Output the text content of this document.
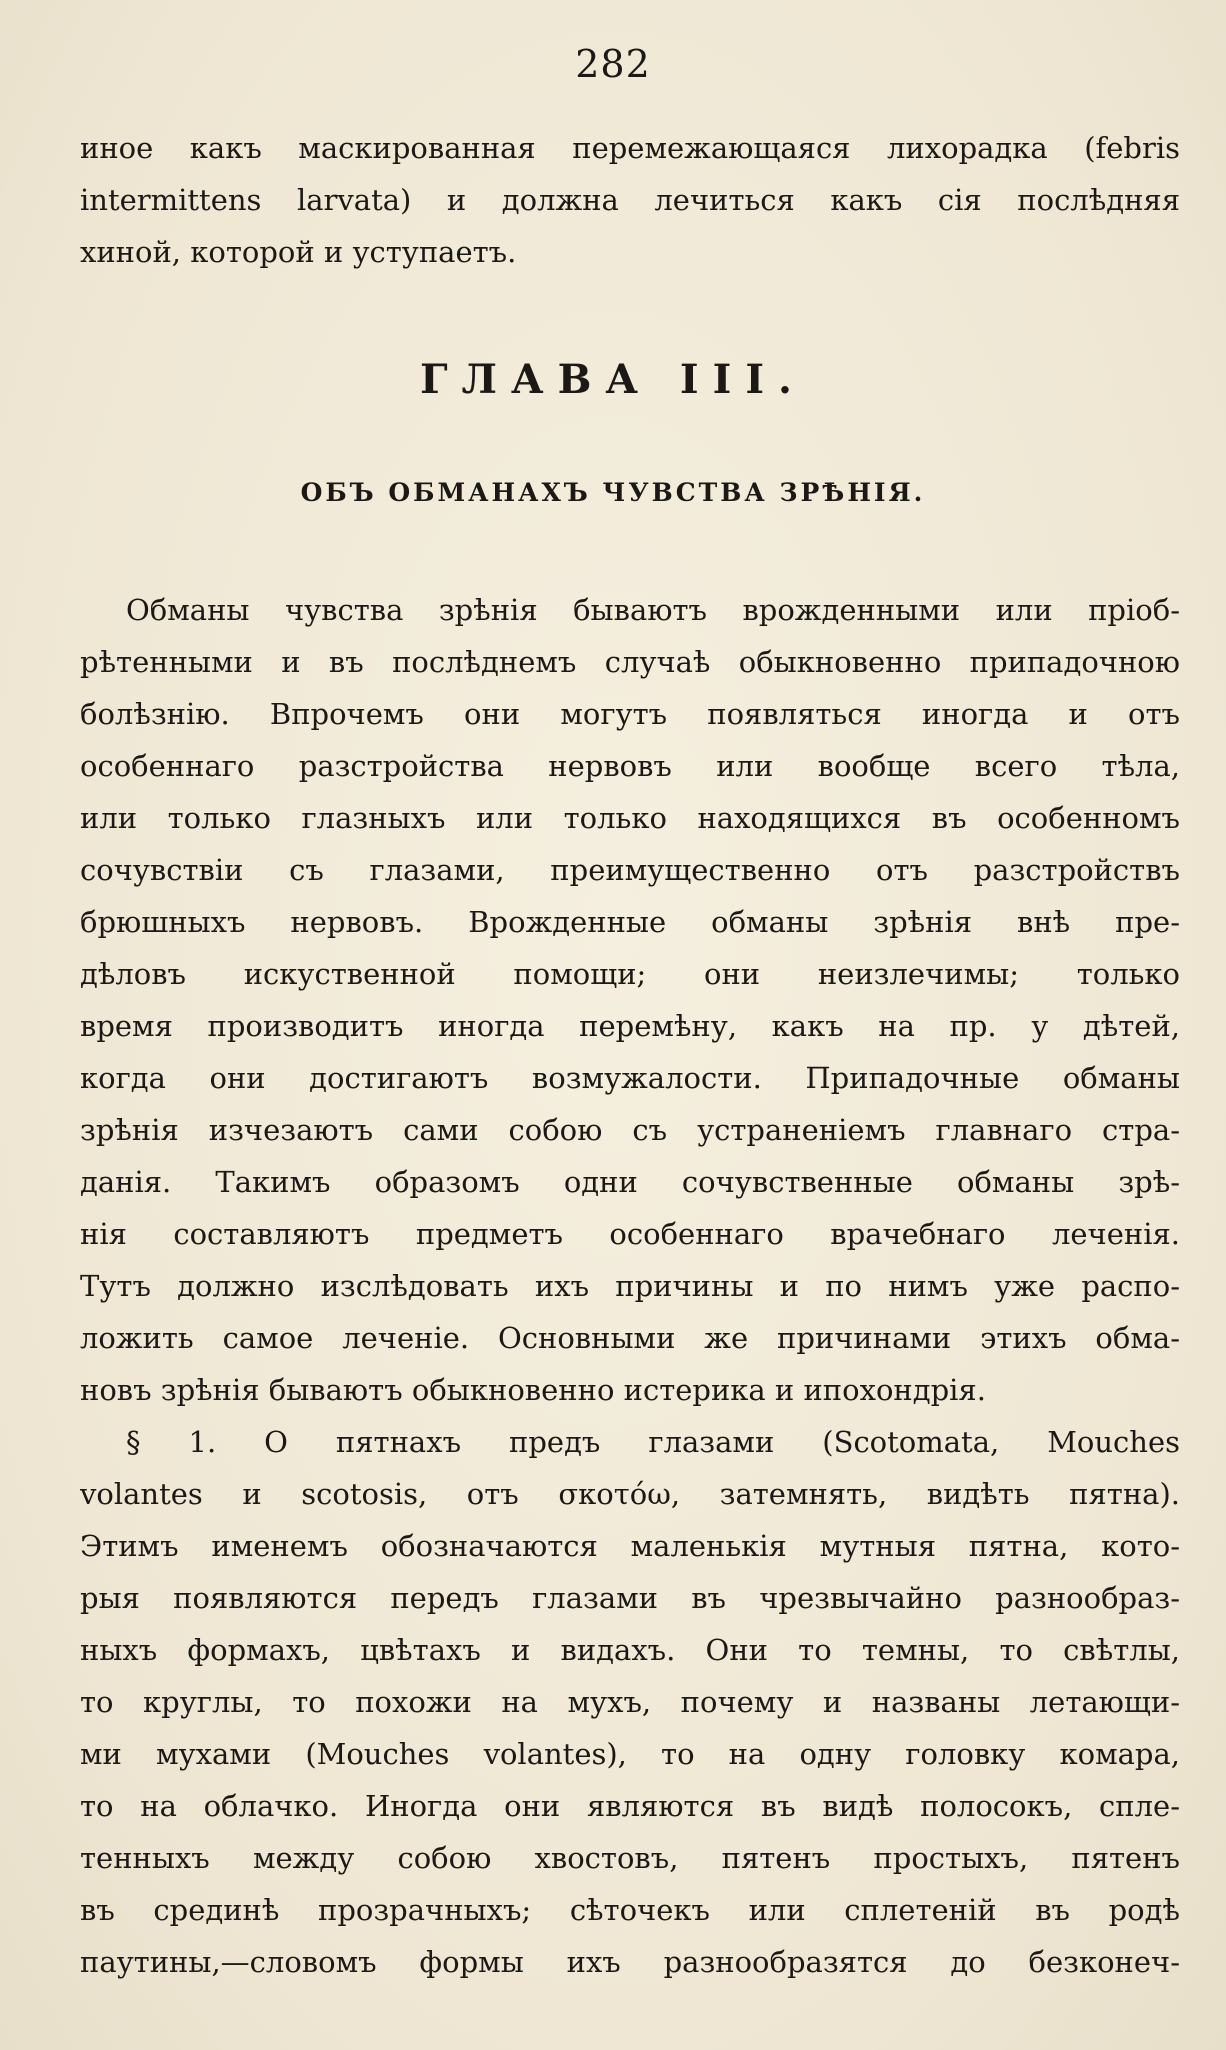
282
иное какъ маскированная перемежающаяся лихорадка (febris
intermittens larvata) и должна лечиться какъ сія послѣдняя
хиной, которой и уступаетъ.
ГЛАВА III.
ОБЪ ОБМАНАХЪ ЧУВСТВА ЗРѢНІЯ.
Обманы чувства зрѣнія бываютъ врожденными или пріоб-
рѣтенными и въ послѣднемъ случаѣ обыкновенно припадочною
болѣзнію. Впрочемъ они могутъ появляться иногда и отъ
особеннаго разстройства нервовъ или вообще всего тѣла,
или только глазныхъ или только находящихся въ особенномъ
сочувствіи съ глазами, преимущественно отъ разстройствъ
брюшныхъ нервовъ. Врожденные обманы зрѣнія внѣ пре-
дѣловъ искуственной помощи; они неизлечимы; только
время производитъ иногда перемѣну, какъ на пр. у дѣтей,
когда они достигаютъ возмужалости. Припадочные обманы
зрѣнія изчезаютъ сами собою съ устраненіемъ главнаго стра-
данія. Такимъ образомъ одни сочувственные обманы зрѣ-
нія составляютъ предметъ особеннаго врачебнаго леченія.
Тутъ должно изслѣдовать ихъ причины и по нимъ уже распо-
ложить самое леченіе. Основными же причинами этихъ обма-
новъ зрѣнія бываютъ обыкновенно истерика и ипохондрія.
§ 1. О пятнахъ предъ глазами (Scotomata, Mouches
volantes и scotosis, отъ σκοτόω, затемнять, видѣть пятна).
Этимъ именемъ обозначаются маленькія мутныя пятна, кото-
рыя появляются передъ глазами въ чрезвычайно разнообраз-
ныхъ формахъ, цвѣтахъ и видахъ. Они то темны, то свѣтлы,
то круглы, то похожи на мухъ, почему и названы летающи-
ми мухами (Mouches volantes), то на одну головку комара,
то на облачко. Иногда они являются въ видѣ полосокъ, спле-
тенныхъ между собою хвостовъ, пятенъ простыхъ, пятенъ
въ срединѣ прозрачныхъ; сѣточекъ или сплетеній въ родѣ
паутины,—словомъ формы ихъ разнообразятся до безконеч-
